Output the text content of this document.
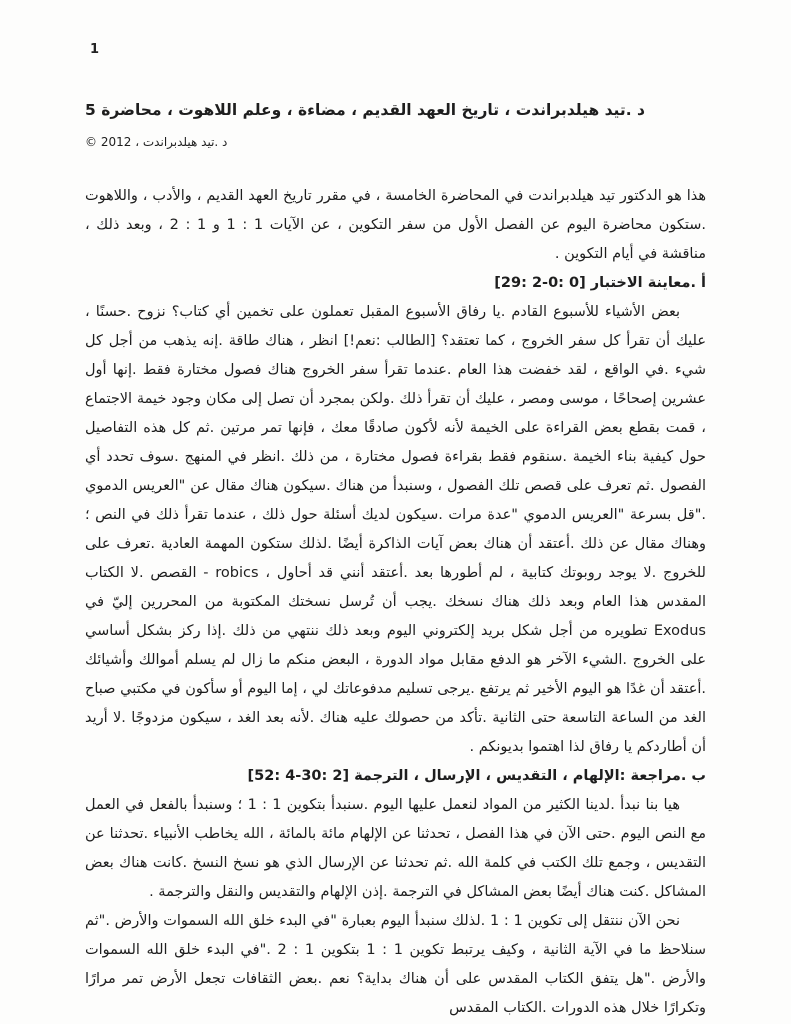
1
د .تيد هيلدبراندت ، تاريخ العهد القديم ، مضاءة ، وعلم اللاهوت ، محاضرة 5

د .تيد هيلدبراندت ، 2012 ©

هذا هو الدكتور تيد هيلدبراندت في المحاضرة الخامسة ، في مقرر تاريخ العهد القديم ، والأدب ، واللاهوت .ستكون محاضرة اليوم عن الفصل الأول من سفر التكوين ، عن الآيات 1 : 1 و 1 : 2 ، وبعد ذلك ، مناقشة في أيام التكوين .

أ .معاينة الاختبار [0 :0-2 :29]

بعض الأشياء للأسبوع القادم .يا رفاق الأسبوع المقبل تعملون على تخمين أي كتاب؟ نزوح .حسنًا ، عليك أن تقرأ كل سفر الخروج ، كما تعتقد؟ [الطالب :نعم!] انظر ، هناك طاقة .إنه يذهب من أجل كل شيء .في الواقع ، لقد خفضت هذا العام .عندما تقرأ سفر الخروج هناك فصول مختارة فقط .إنها أول عشرين إصحاحًا ، موسى ومصر ، عليك أن تقرأ ذلك .ولكن بمجرد أن تصل إلى مكان وجود خيمة الاجتماع ، قمت بقطع بعض القراءة على الخيمة لأنه لأكون صادقًا معك ، فإنها تمر مرتين .ثم كل هذه التفاصيل حول كيفية بناء الخيمة .سنقوم فقط بقراءة فصول مختارة ، من ذلك .انظر في المنهج .سوف تحدد أي الفصول .ثم تعرف على قصص تلك الفصول ، وسنبدأ من هناك .سيكون هناك مقال عن "العريس الدموي ."قل بسرعة "العريس الدموي "عدة مرات .سيكون لديك أسئلة حول ذلك ، عندما تقرأ ذلك في النص ؛ وهناك مقال عن ذلك .أعتقد أن هناك بعض آيات الذاكرة أيضًا .لذلك ستكون المهمة العادية .تعرف على للخروج .لا يوجد روبوتك كتابية ، لم أطورها بعد .أعتقد أنني قد أحاول ، robics - القصص .لا الكتاب المقدس هذا العام وبعد ذلك هناك نسخك .يجب أن تُرسل نسختك المكتوبة من المحررين إليّ في Exodus تطويره من أجل شكل بريد إلكتروني اليوم وبعد ذلك ننتهي من ذلك .إذا ركز بشكل أساسي على الخروج .الشيء الآخر هو الدفع مقابل مواد الدورة ، البعض منكم ما زال لم يسلم أموالك وأشيائك .أعتقد أن غدًا هو اليوم الأخير ثم يرتفع .يرجى تسليم مدفوعاتك لي ، إما اليوم أو سأكون في مكتبي صباح الغد من الساعة التاسعة حتى الثانية .تأكد من حصولك عليه هناك .لأنه بعد الغد ، سيكون مزدوجًا .لا أريد أن أطاردكم يا رفاق لذا اهتموا بديونكم .

ب .مراجعة :الإلهام ، التقديس ، الإرسال ، الترجمة [2 :30-4 :52]

هيا بنا نبدأ .لدينا الكثير من المواد لنعمل عليها اليوم .سنبدأ بتكوين 1 : 1 ؛ وسنبدأ بالفعل في العمل مع النص اليوم .حتى الآن في هذا الفصل ، تحدثنا عن الإلهام مائة بالمائة ، الله يخاطب الأنبياء .تحدثنا عن التقديس ، وجمع تلك الكتب في كلمة الله .ثم تحدثنا عن الإرسال الذي هو نسخ النسخ .كانت هناك بعض المشاكل .كنت هناك أيضًا بعض المشاكل في الترجمة .إذن الإلهام والتقديس والنقل والترجمة .

نحن الآن ننتقل إلى تكوين 1 : 1 .لذلك سنبدأ اليوم بعبارة "في البدء خلق الله السموات والأرض ."ثم سنلاحظ ما في الآية الثانية ، وكيف يرتبط تكوين 1 : 1 بتكوين 1 : 2 ."في البدء خلق الله السموات والأرض ."هل يتفق الكتاب المقدس على أن هناك بداية؟ نعم .بعض الثقافات تجعل الأرض تمر مرارًا وتكرارًا خلال هذه الدورات .الكتاب المقدس
